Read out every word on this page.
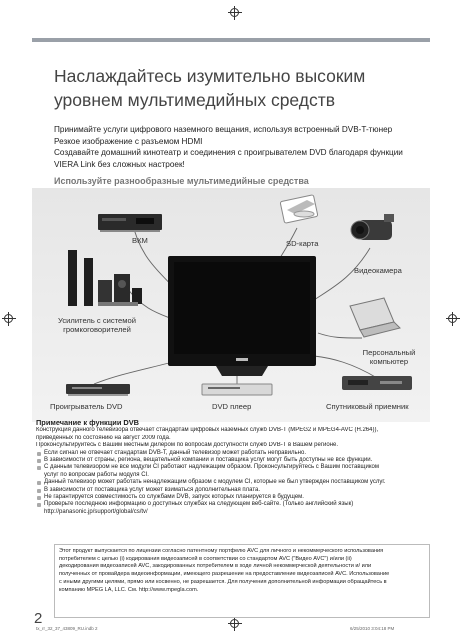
Наслаждайтесь изумительно высоким
уровнем мультимедийных средств
Принимайте услуги цифрового наземного вещания, используя встроенный DVB-T-тюнер
Резкое изображение с разъемом HDMI
Создавайте домашний кинотеатр и соединения с проигрывателем DVD благодаря функции
VIERA Link без сложных настроек!
Используйте разнообразные мультимедийные средства
ВКМ	SD-карта
Видеокамера
Усилитель с системой
громкоговорителей
Персональный
компьютер
Проигрыватель DVD	DVD плеер	Спутниковый приемник
Примечание к функции DVB
Конструкция данного телевизора отвечает стандартам цифровых наземных служб DVB-T (MPEG2 и MPEG4-AVC (H.264)),
приведенных по состоянию на август 2009 года.
Проконсультируйтесь с Вашим местным дилером по вопросам доступности служб DVB-T в Вашем регионе.
Если сигнал не отвечает стандартам DVB-T, данный телевизор может работать неправильно.
В зависимости от страны, региона, вещательной компании и поставщика услуг могут быть доступны не все функции.
С данным телевизором не все модули CI работают надлежащим образом. Проконсультируйтесь с Вашим поставщиком
услуг по вопросам работы модуля CI.
Данный телевизор может работать ненадлежащим образом с модулем CI, которые не был утвержден поставщиком услуг.
В зависимости от поставщика услуг может взиматься дополнительная плата.
Не гарантируется совместимость со службами DVB, запуск которых планируется в будущем.
Проверьте последнюю информацию о доступных службах на следующем веб-сайте. (Только английский язык)
http://panasonic.jp/support/global/cs/tv/
Этот продукт выпускается по лицензии согласно патентному портфелю AVC для личного и некоммерческого использования
потребителем с целью (i) кодирования видеозаписей в соответствии со стандартом AVC ("Видео AVC") и/или (ii)
декодирования видеозаписей AVC, закодированных потребителем в ходе личной некоммерческой деятельности и/ или
полученных от провайдера видеоинформации, имеющего разрешение на предоставление видеозаписей AVC. Использование
с иными другими целями, прямо или косвенно, не разрешается. Для получения дополнительной информации обращайтесь в
компанию MPEG LA, LLC. См. http://www.mpegla.com.
2
tx_rr_32_37_43809_RU.indb 2	6/25/2010 3:04:18 PM
